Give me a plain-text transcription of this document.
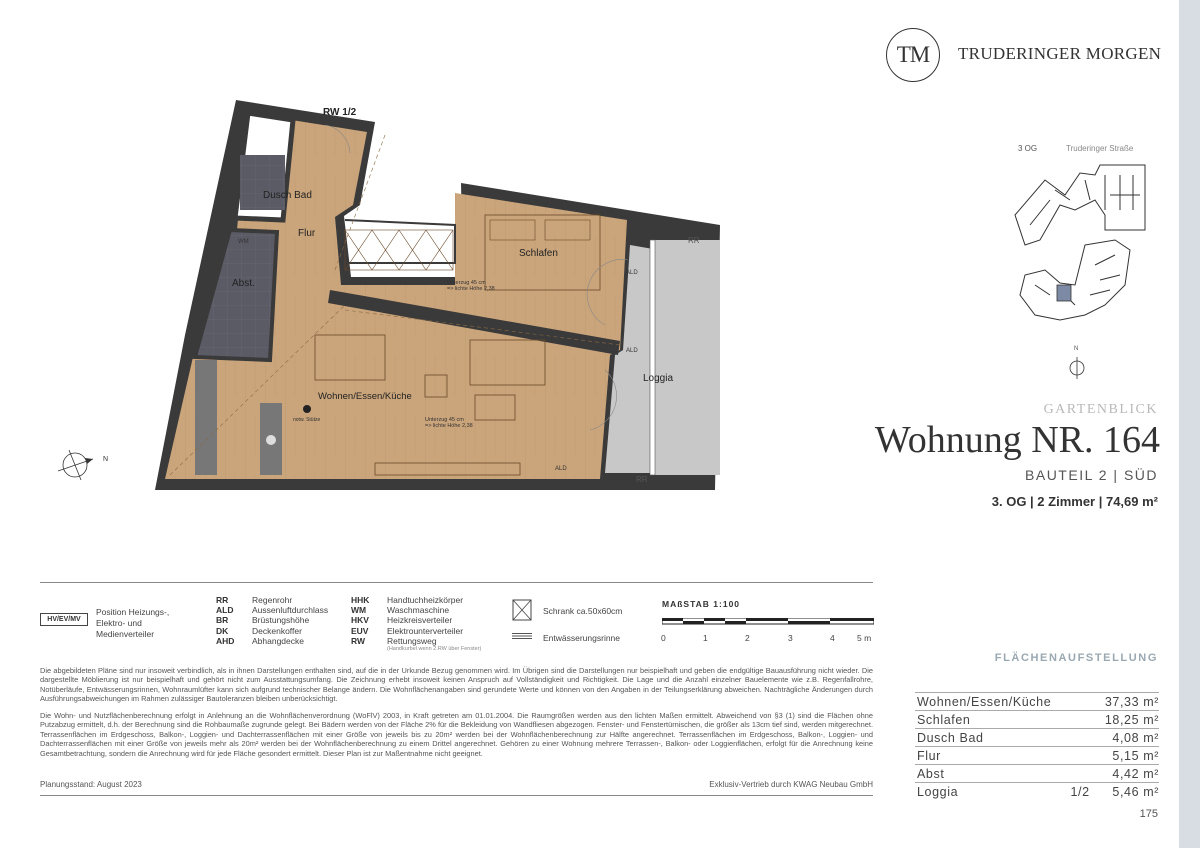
TM TRUDERINGER MORGEN
3 OG	Truderinger Straße
N
GARTENBLICK
Wohnung NR. 164
BAUTEIL 2 | SÜD
3. OG | 2 Zimmer | 74,69 m²
Dusch Bad
Abst.
Flur
Schlafen
Wohnen/Essen/Küche
Loggia
RW 1/2
RR
RR
ALD
ALD
ALD
WM
Unterzug 45 cm
=> lichte Höhe 2,38
Unterzug 45 cm
=> lichte Höhe 2,38
notw. Stütze
N
HV/EV/MV
Position Heizungs-, Elektro- und Medienverteiler
RR	Regenrohr
ALD	Aussenluftdurchlass
BR	Brüstungshöhe
DK	Deckenkoffer
AHD	Abhangdecke
HHK	Handtuchheizkörper
WM	Waschmaschine
HKV	Heizkreisverteiler
EUV	Elektrounterverteiler
RW	Rettungsweg
(Handkurbel wenn 2.RW über Fenster)
Schrank ca.50x60cm
Entwässerungsrinne
MAßSTAB 1:100
0	1	2	3	4	5 m
Die abgebildeten Pläne sind nur insoweit verbindlich, als in ihnen Darstellungen enthalten sind, auf die in der Urkunde Bezug genommen wird. Im Übrigen sind die Darstellungen nur beispielhaft und geben die endgültige Bauausführung nicht wieder. Die dargestellte Möblierung ist nur beispielhaft und gehört nicht zum Ausstattungsumfang. Die Zeichnung erhebt insoweit keinen Anspruch auf Vollständigkeit und Richtigkeit. Die Lage und die Anzahl einzelner Bauelemente wie z.B. Regenfallrohre, Notüberläufe, Entwässerungsrinnen, Wohnraumlüfter kann sich aufgrund technischer Belange ändern. Die Wohnflächenangaben sind gerundete Werte und können von den Angaben in der Teilungserklärung abweichen. Nachträgliche Änderungen durch Ausführungsabweichungen im Rahmen zulässiger Bautoleranzen bleiben unberücksichtigt.
Die Wohn- und Nutzflächenberechnung erfolgt in Anlehnung an die Wohnflächenverordnung (WoFlV) 2003, in Kraft getreten am 01.01.2004. Die Raumgrößen werden aus den lichten Maßen ermittelt. Abweichend von §3 (1) sind die Flächen ohne Putzabzug ermittelt, d.h. der Berechnung sind die Rohbaumaße zugrunde gelegt. Bei Bädern werden von der Fläche 2% für die Bekleidung von Wandfliesen abgezogen. Fenster- und Fenstertürnischen, die größer als 13cm tief sind, werden mitgerechnet. Terrassenflächen im Erdgeschoss, Balkon-, Loggien- und Dachterrassenflächen mit einer Größe von jeweils bis zu 20m² werden bei der Wohnflächenberechnung zur Hälfte angerechnet. Terrassenflächen im Erdgeschoss, Balkon-, Loggien- und Dachterrassenflächen mit einer Größe von jeweils mehr als 20m² werden bei der Wohnflächenberechnung zu einem Drittel angerechnet. Gehören zu einer Wohnung mehrere Terrassen-, Balkon- oder Loggienflächen, erfolgt für die Anrechnung keine Gesamtbetrachtung, sondern die Anrechnung wird für jede Fläche gesondert ermittelt. Dieser Plan ist zur Maßentnahme nicht geeignet.
Planungsstand: August 2023	Exklusiv-Vertrieb durch KWAG Neubau GmbH
FLÄCHENAUFSTELLUNG
Wohnen/Essen/Küche		37,33 m²
Schlafen		18,25 m²
Dusch Bad		4,08 m²
Flur		5,15 m²
Abst		4,42 m²
Loggia	1/2	5,46 m²
175
